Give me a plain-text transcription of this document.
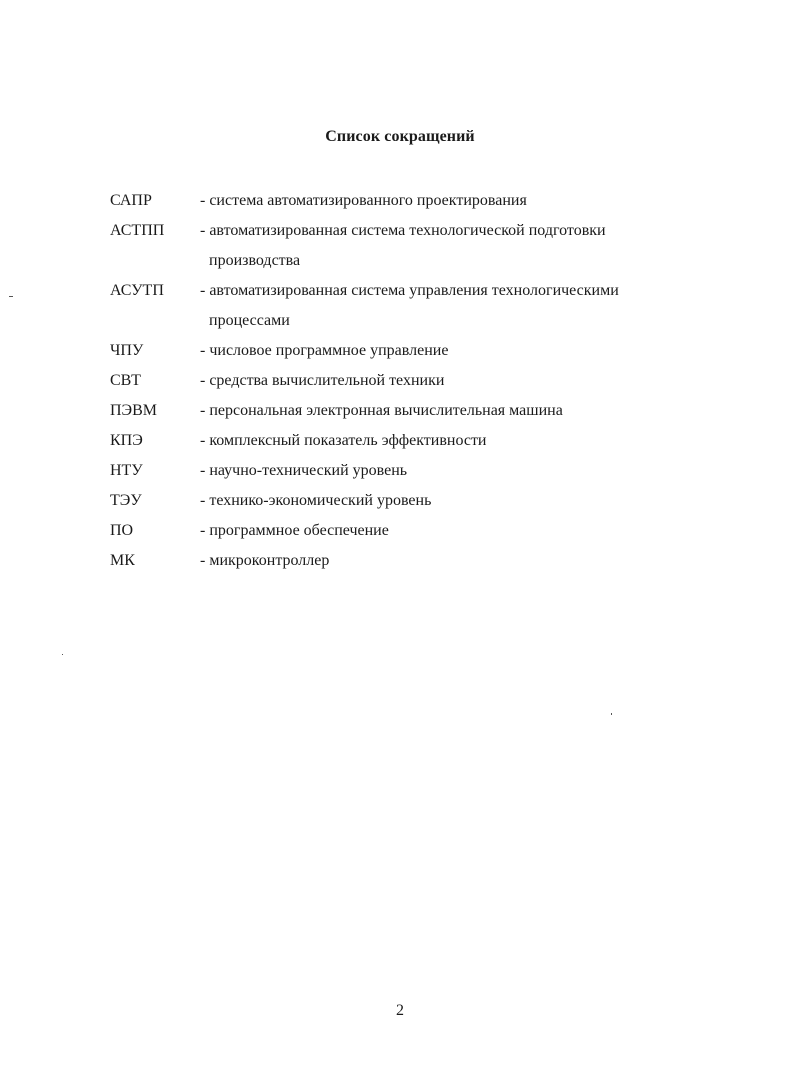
Список сокращений
САПР	- система автоматизированного проектирования
АСТПП	- автоматизированная система технологической подготовки
производства
АСУТП	- автоматизированная система управления технологическими
процессами
ЧПУ	- числовое программное управление
СВТ	- средства вычислительной техники
ПЭВМ	- персональная электронная вычислительная машина
КПЭ	- комплексный показатель эффективности
НТУ	- научно-технический уровень
ТЭУ	- технико-экономический уровень
ПО	- программное обеспечение
МК	- микроконтроллер
2
